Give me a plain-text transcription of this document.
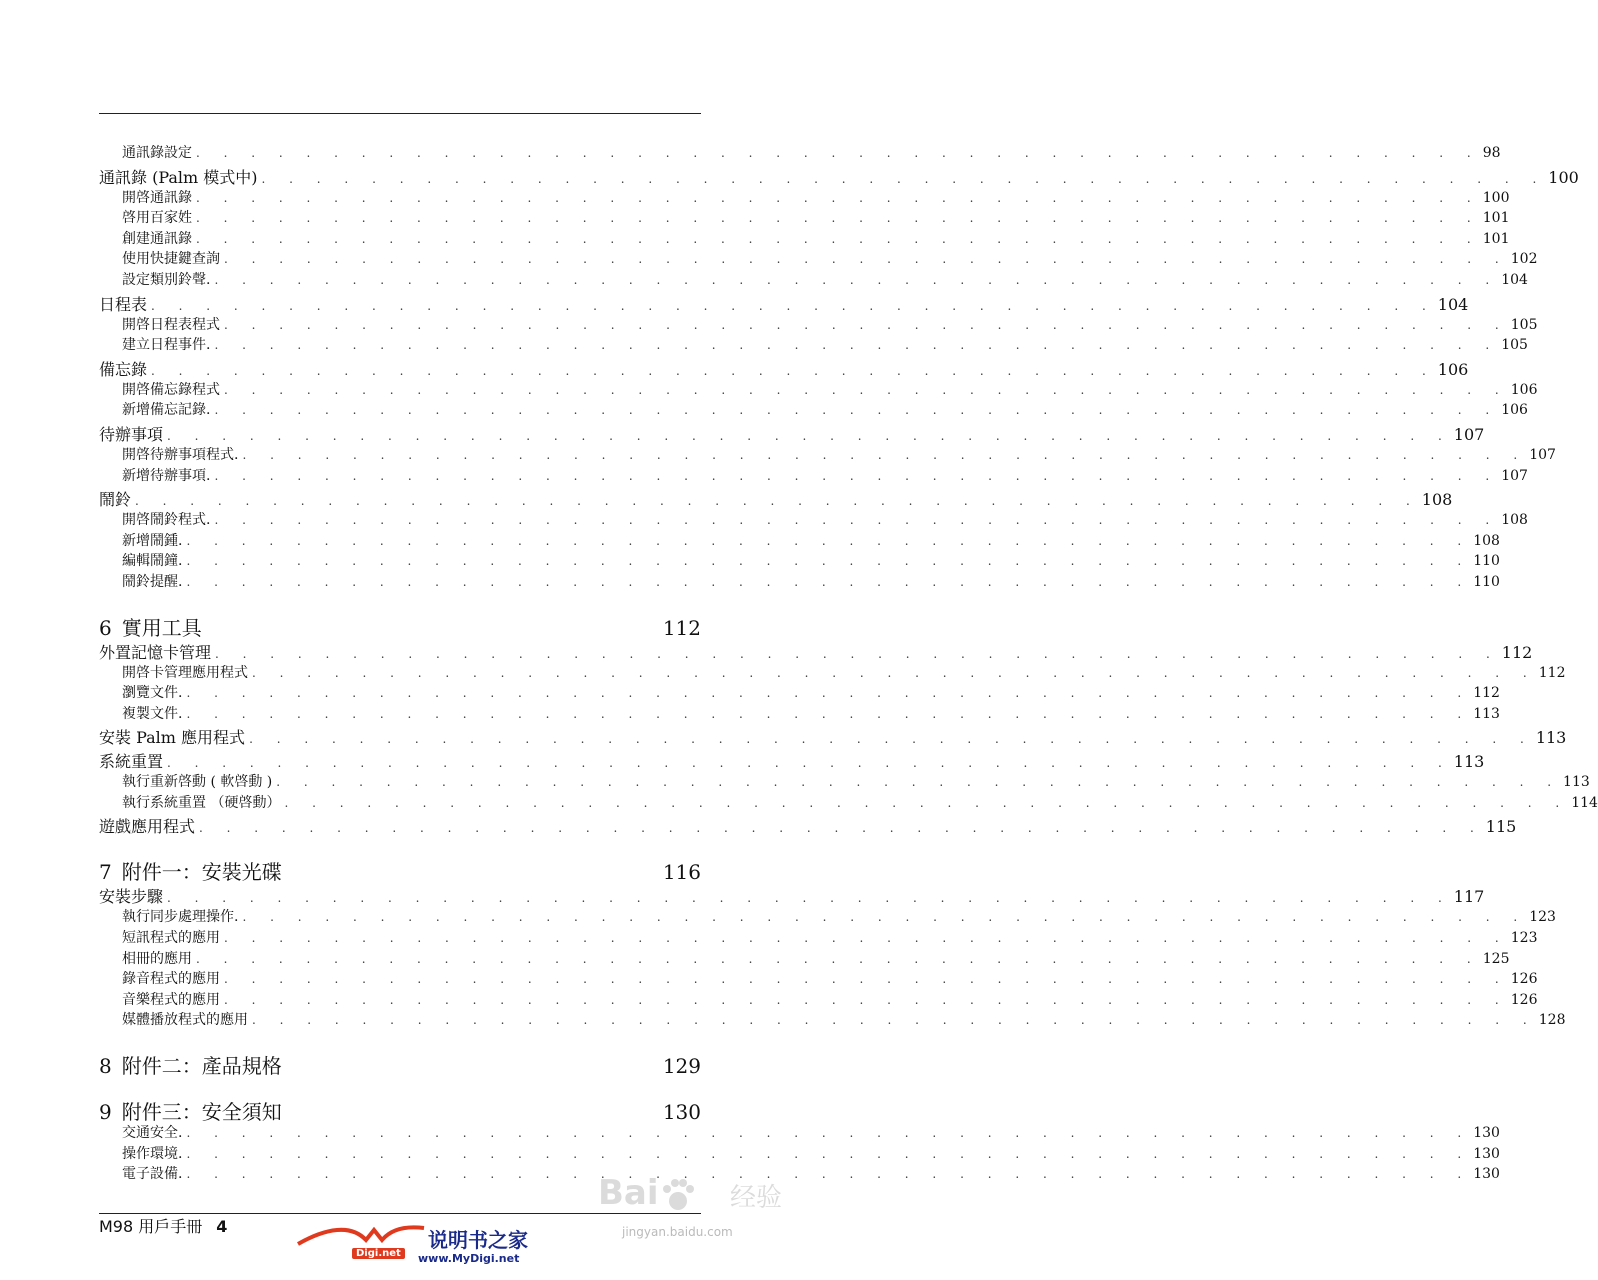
通訊錄設定 . . . . . . . . . . . . . . . . . . . . . . . . . . . . . . . . . . . . . . . . . . . . . . . 98
通訊錄 (Palm 模式中) . . . . . . . . . . . . . . . . . . . . . . . . . . . . . . . . . . . . . . . . . . . . . . . 100
開啓通訊錄 . . . . . . . . . . . . . . . . . . . . . . . . . . . . . . . . . . . . . . . . . . . . . . . 100
啓用百家姓 . . . . . . . . . . . . . . . . . . . . . . . . . . . . . . . . . . . . . . . . . . . . . . . 101
創建通訊錄 . . . . . . . . . . . . . . . . . . . . . . . . . . . . . . . . . . . . . . . . . . . . . . . 101
使用快捷鍵查詢 . . . . . . . . . . . . . . . . . . . . . . . . . . . . . . . . . . . . . . . . . . . . . . . 102
設定類別鈴聲. . . . . . . . . . . . . . . . . . . . . . . . . . . . . . . . . . . . . . . . . . . . . . . . 104
日程表 . . . . . . . . . . . . . . . . . . . . . . . . . . . . . . . . . . . . . . . . . . . . . . . 104
開啓日程表程式 . . . . . . . . . . . . . . . . . . . . . . . . . . . . . . . . . . . . . . . . . . . . . . . 105
建立日程事件. . . . . . . . . . . . . . . . . . . . . . . . . . . . . . . . . . . . . . . . . . . . . . . . 105
備忘錄 . . . . . . . . . . . . . . . . . . . . . . . . . . . . . . . . . . . . . . . . . . . . . . . 106
開啓備忘錄程式 . . . . . . . . . . . . . . . . . . . . . . . . . . . . . . . . . . . . . . . . . . . . . . . 106
新增備忘記錄. . . . . . . . . . . . . . . . . . . . . . . . . . . . . . . . . . . . . . . . . . . . . . . . 106
待辦事項 . . . . . . . . . . . . . . . . . . . . . . . . . . . . . . . . . . . . . . . . . . . . . . . 107
開啓待辦事項程式. . . . . . . . . . . . . . . . . . . . . . . . . . . . . . . . . . . . . . . . . . . . . . . . 107
新增待辦事項. . . . . . . . . . . . . . . . . . . . . . . . . . . . . . . . . . . . . . . . . . . . . . . . 107
鬧鈴 . . . . . . . . . . . . . . . . . . . . . . . . . . . . . . . . . . . . . . . . . . . . . . . 108
開啓鬧鈴程式. . . . . . . . . . . . . . . . . . . . . . . . . . . . . . . . . . . . . . . . . . . . . . . . 108
新增鬧鍾. . . . . . . . . . . . . . . . . . . . . . . . . . . . . . . . . . . . . . . . . . . . . . . . 108
編輯鬧鐘. . . . . . . . . . . . . . . . . . . . . . . . . . . . . . . . . . . . . . . . . . . . . . . . 110
鬧鈴提醒. . . . . . . . . . . . . . . . . . . . . . . . . . . . . . . . . . . . . . . . . . . . . . . . 110
6 實用工具	112
外置記憶卡管理 . . . . . . . . . . . . . . . . . . . . . . . . . . . . . . . . . . . . . . . . . . . . . . . 112
開啓卡管理應用程式 . . . . . . . . . . . . . . . . . . . . . . . . . . . . . . . . . . . . . . . . . . . . . . . 112
瀏覽文件. . . . . . . . . . . . . . . . . . . . . . . . . . . . . . . . . . . . . . . . . . . . . . . . 112
複製文件. . . . . . . . . . . . . . . . . . . . . . . . . . . . . . . . . . . . . . . . . . . . . . . . 113
安裝 Palm 應用程式 . . . . . . . . . . . . . . . . . . . . . . . . . . . . . . . . . . . . . . . . . . . . . . . 113
系統重置 . . . . . . . . . . . . . . . . . . . . . . . . . . . . . . . . . . . . . . . . . . . . . . . 113
執行重新啓動 ( 軟啓動 ) . . . . . . . . . . . . . . . . . . . . . . . . . . . . . . . . . . . . . . . . . . . . . . . 113
執行系統重置 （硬啓動） . . . . . . . . . . . . . . . . . . . . . . . . . . . . . . . . . . . . . . . . . . . . . . . 114
遊戲應用程式 . . . . . . . . . . . . . . . . . . . . . . . . . . . . . . . . . . . . . . . . . . . . . . . 115
7 附件一：安裝光碟	116
安裝步驟 . . . . . . . . . . . . . . . . . . . . . . . . . . . . . . . . . . . . . . . . . . . . . . . 117
執行同步處理操作. . . . . . . . . . . . . . . . . . . . . . . . . . . . . . . . . . . . . . . . . . . . . . . . 123
短訊程式的應用 . . . . . . . . . . . . . . . . . . . . . . . . . . . . . . . . . . . . . . . . . . . . . . . 123
相冊的應用 . . . . . . . . . . . . . . . . . . . . . . . . . . . . . . . . . . . . . . . . . . . . . . . 125
錄音程式的應用 . . . . . . . . . . . . . . . . . . . . . . . . . . . . . . . . . . . . . . . . . . . . . . . 126
音樂程式的應用 . . . . . . . . . . . . . . . . . . . . . . . . . . . . . . . . . . . . . . . . . . . . . . . 126
媒體播放程式的應用 . . . . . . . . . . . . . . . . . . . . . . . . . . . . . . . . . . . . . . . . . . . . . . . 128
8 附件二：產品規格	129
9 附件三：安全須知	130
交通安全. . . . . . . . . . . . . . . . . . . . . . . . . . . . . . . . . . . . . . . . . . . . . . . . 130
操作環境. . . . . . . . . . . . . . . . . . . . . . . . . . . . . . . . . . . . . . . . . . . . . . . . 130
電子設備. . . . . . . . . . . . . . . . . . . . . . . . . . . . . . . . . . . . . . . . . . . . . . . . 130
M98 用戶手冊 4
Digi.net
说明书之家
www.MyDigi.net
Bai	经验
jingyan.baidu.com
